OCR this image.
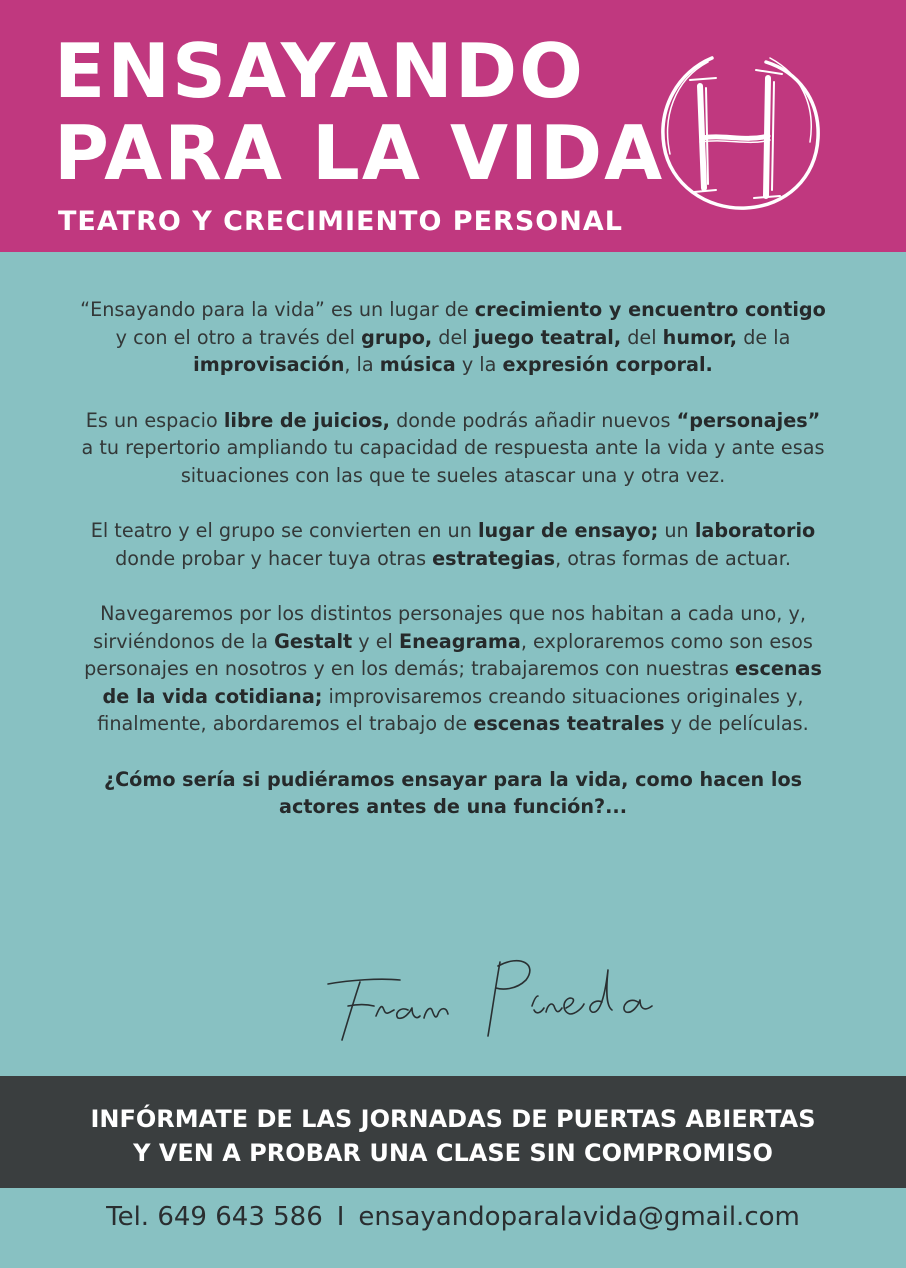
ENSAYANDO
PARA LA VIDA
TEATRO Y CRECIMIENTO PERSONAL

“Ensayando para la vida” es un lugar de crecimiento y encuentro contigo y con el otro a través del grupo, del juego teatral, del humor, de la improvisación, la música y la expresión corporal.

Es un espacio libre de juicios, donde podrás añadir nuevos “personajes” a tu repertorio ampliando tu capacidad de respuesta ante la vida y ante esas situaciones con las que te sueles atascar una y otra vez.

El teatro y el grupo se convierten en un lugar de ensayo; un laboratorio donde probar y hacer tuya otras estrategias, otras formas de actuar.

Navegaremos por los distintos personajes que nos habitan a cada uno, y, sirviéndonos de la Gestalt y el Eneagrama, exploraremos como son esos personajes en nosotros y en los demás; trabajaremos con nuestras escenas de la vida cotidiana; improvisaremos creando situaciones originales y, finalmente, abordaremos el trabajo de escenas teatrales y de películas.

¿Cómo sería si pudiéramos ensayar para la vida, como hacen los actores antes de una función?...

INFÓRMATE DE LAS JORNADAS DE PUERTAS ABIERTAS
Y VEN A PROBAR UNA CLASE SIN COMPROMISO
Tel. 649 643 586 I ensayandoparalavida@gmail.com
